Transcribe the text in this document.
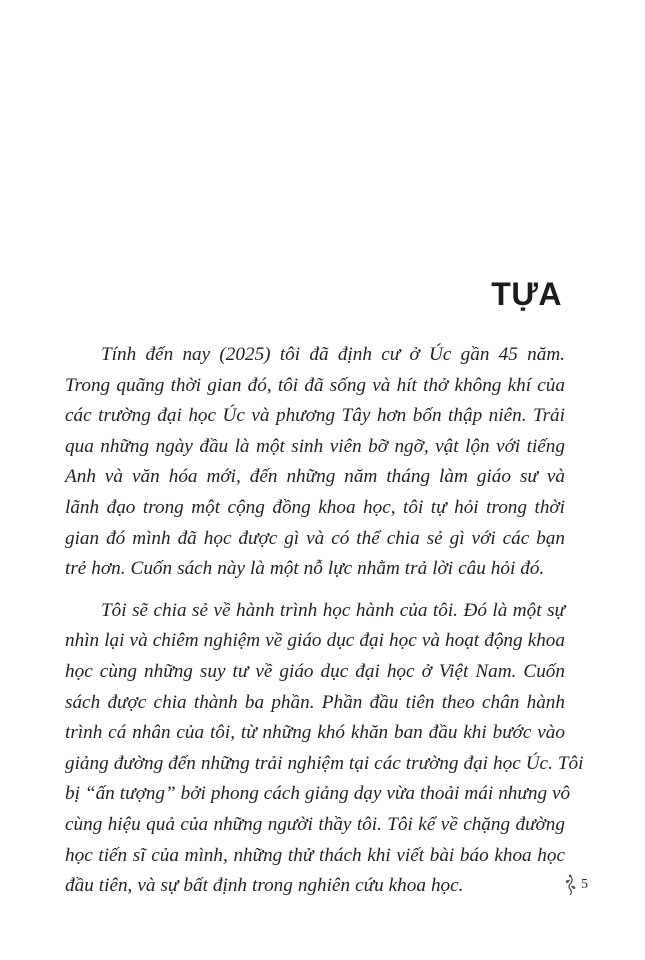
TỰA

Tính đến nay (2025) tôi đã định cư ở Úc gần 45 năm.
Trong quãng thời gian đó, tôi đã sống và hít thở không khí của
các trường đại học Úc và phương Tây hơn bốn thập niên. Trải
qua những ngày đầu là một sinh viên bỡ ngỡ, vật lộn với tiếng
Anh và văn hóa mới, đến những năm tháng làm giáo sư và
lãnh đạo trong một cộng đồng khoa học, tôi tự hỏi trong thời
gian đó mình đã học được gì và có thể chia sẻ gì với các bạn
trẻ hơn. Cuốn sách này là một nỗ lực nhằm trả lời câu hỏi đó.

Tôi sẽ chia sẻ về hành trình học hành của tôi. Đó là một sự
nhìn lại và chiêm nghiệm về giáo dục đại học và hoạt động khoa
học cùng những suy tư về giáo dục đại học ở Việt Nam. Cuốn
sách được chia thành ba phần. Phần đầu tiên theo chân hành
trình cá nhân của tôi, từ những khó khăn ban đầu khi bước vào
giảng đường đến những trải nghiệm tại các trường đại học Úc. Tôi
bị “ấn tượng” bởi phong cách giảng dạy vừa thoải mái nhưng vô
cùng hiệu quả của những người thầy tôi. Tôi kể về chặng đường
học tiến sĩ của mình, những thử thách khi viết bài báo khoa học
đầu tiên, và sự bất định trong nghiên cứu khoa học.	5
